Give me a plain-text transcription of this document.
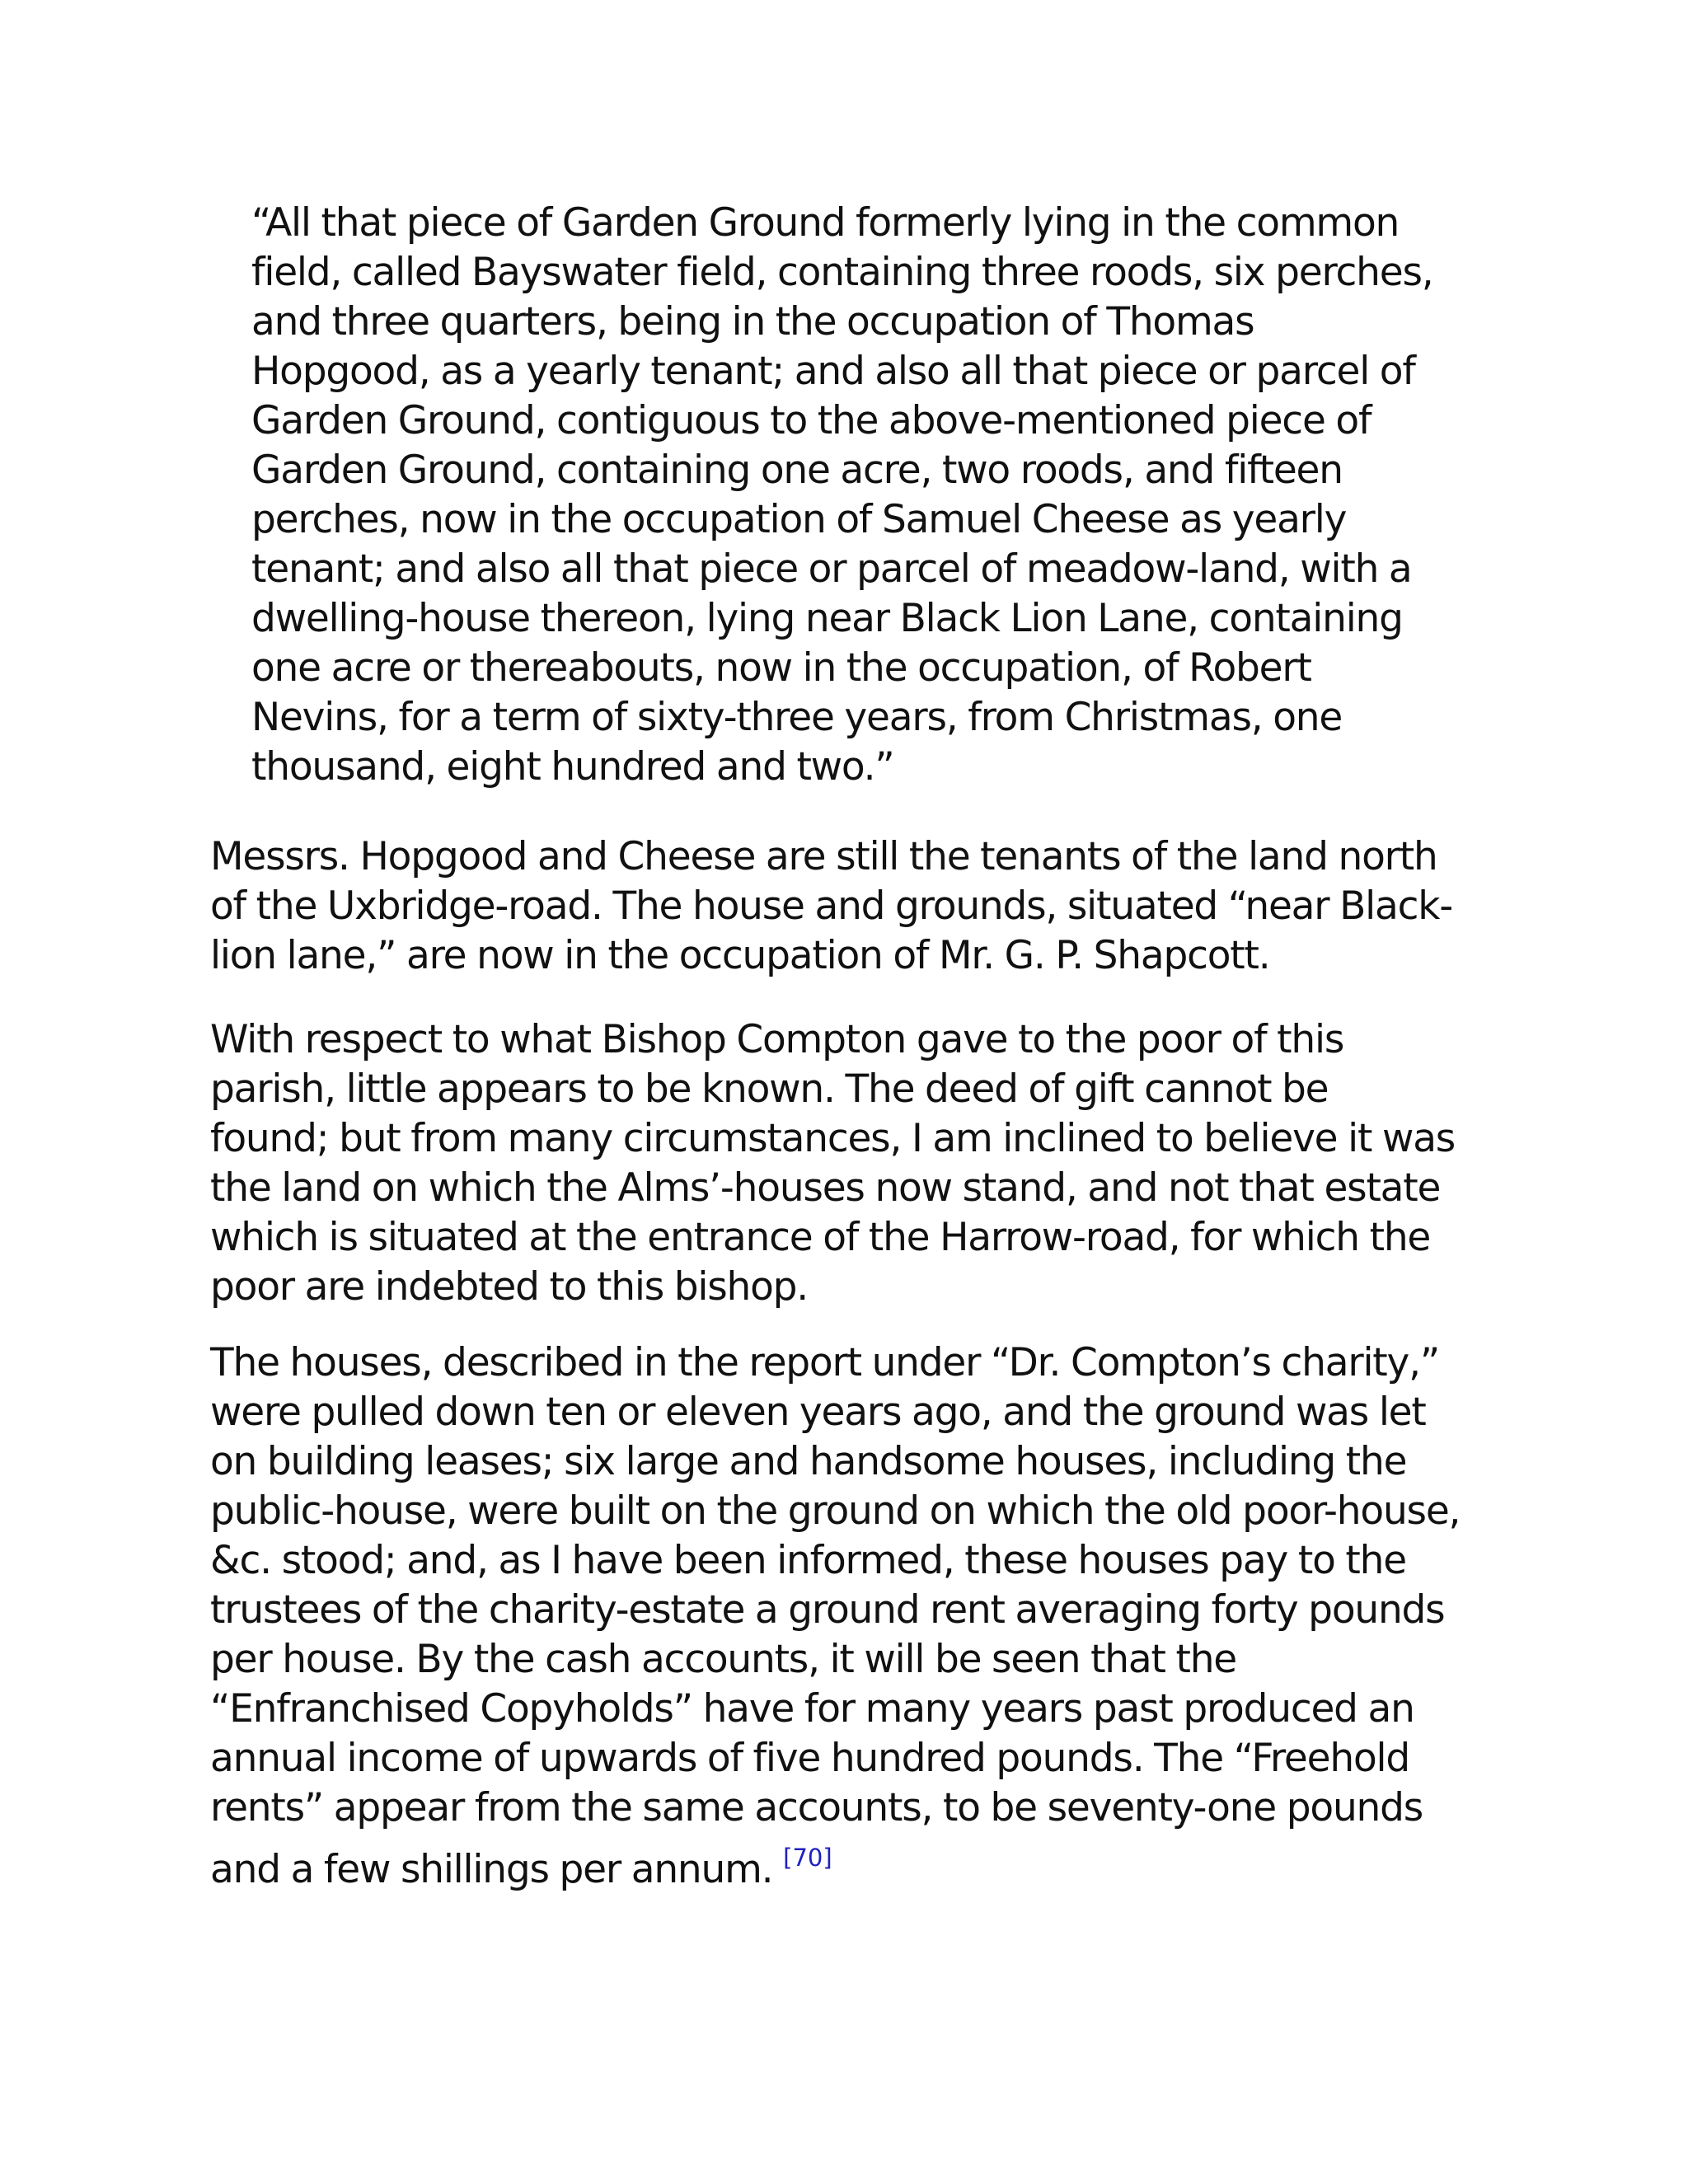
“All that piece of Garden Ground formerly lying in the common
field, called Bayswater field, containing three roods, six perches,
and three quarters, being in the occupation of Thomas
Hopgood, as a yearly tenant; and also all that piece or parcel of
Garden Ground, contiguous to the above-mentioned piece of
Garden Ground, containing one acre, two roods, and fifteen
perches, now in the occupation of Samuel Cheese as yearly
tenant; and also all that piece or parcel of meadow-land, with a
dwelling-house thereon, lying near Black Lion Lane, containing
one acre or thereabouts, now in the occupation, of Robert
Nevins, for a term of sixty-three years, from Christmas, one
thousand, eight hundred and two.”
Messrs. Hopgood and Cheese are still the tenants of the land north
of the Uxbridge-road. The house and grounds, situated “near Black-
lion lane,” are now in the occupation of Mr. G. P. Shapcott.
With respect to what Bishop Compton gave to the poor of this
parish, little appears to be known. The deed of gift cannot be
found; but from many circumstances, I am inclined to believe it was
the land on which the Alms’-houses now stand, and not that estate
which is situated at the entrance of the Harrow-road, for which the
poor are indebted to this bishop.
The houses, described in the report under “Dr. Compton’s charity,”
were pulled down ten or eleven years ago, and the ground was let
on building leases; six large and handsome houses, including the
public-house, were built on the ground on which the old poor-house,
&c. stood; and, as I have been informed, these houses pay to the
trustees of the charity-estate a ground rent averaging forty pounds
per house. By the cash accounts, it will be seen that the
“Enfranchised Copyholds” have for many years past produced an
annual income of upwards of five hundred pounds. The “Freehold
rents” appear from the same accounts, to be seventy-one pounds
and a few shillings per annum. [70]
